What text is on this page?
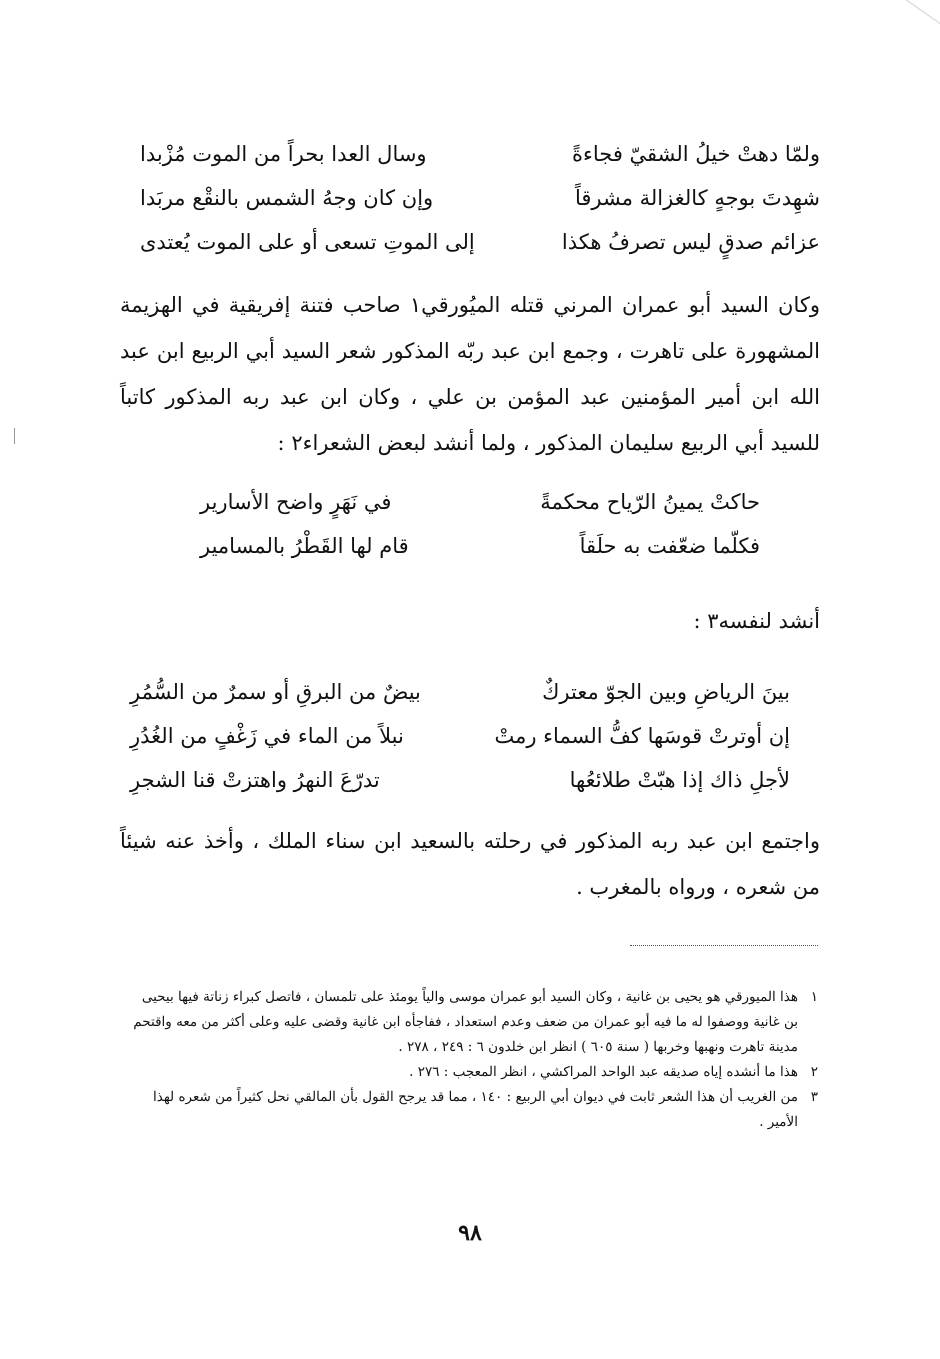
ولمّا دهتْ خيلُ الشقيّ فجاءةً
وسال العدا بحراً من الموت مُزْبدا
شهِدتَ بوجهٍ كالغزالة مشرقاً
وإن كان وجهُ الشمس بالنقْع مربَدا
عزائم صدقٍ ليس تصرفُ هكذا
إلى الموتِ تسعى أو على الموت يُعتدى
وكان السيد أبو عمران المرني قتله الميُورقي١ صاحب فتنة إفريقية في الهزيمة المشهورة على تاهرت ، وجمع ابن عبد ربّه المذكور شعر السيد أبي الربيع ابن عبد الله ابن أمير المؤمنين عبد المؤمن بن علي ، وكان ابن عبد ربه المذكور كاتباً للسيد أبي الربيع سليمان المذكور ، ولما أنشد لبعض الشعراء٢ :
حاكتْ يمينُ الرّياح محكمةً
في نَهَرٍ واضح الأسارير
فكلّما ضعّفت به حلَقاً
قام لها القَطْرُ بالمسامير
أنشد لنفسه٣ :
بينَ الرياضِ وبين الجوّ معتركٌ
بيضٌ من البرقِ أو سمرٌ من السُّمُرِ
إن أوترتْ قوسَها كفُّ السماء رمتْ
نبلاً من الماء في زَغْفٍ من الغُدُرِ
لأجلِ ذاك إذا هبّتْ طلائعُها
تدرّعَ النهرُ واهتزتْ قنا الشجرِ
واجتمع ابن عبد ربه المذكور في رحلته بالسعيد ابن سناء الملك ، وأخذ عنه شيئاً من شعره ، ورواه بالمغرب .
١
هذا الميورقي هو يحيى بن غانية ، وكان السيد أبو عمران موسى والياً يومئذ على تلمسان ، فاتصل كبراء زناتة فيها بيحيى بن غانية ووصفوا له ما فيه أبو عمران من ضعف وعدم استعداد ، ففاجأه ابن غانية وقضى عليه وعلى أكثر من معه واقتحم مدينة تاهرت ونهبها وخربها ( سنة ٦٠٥ ) انظر ابن خلدون ٦ : ٢٤٩ ، ٢٧٨ .
٢
هذا ما أنشده إياه صديقه عبد الواحد المراكشي ، انظر المعجب : ٢٧٦ .
٣
من الغريب أن هذا الشعر ثابت في ديوان أبي الربيع : ١٤٠ ، مما قد يرجح القول بأن المالقي نحل كثيراً من شعره لهذا الأمير .
٩٨
